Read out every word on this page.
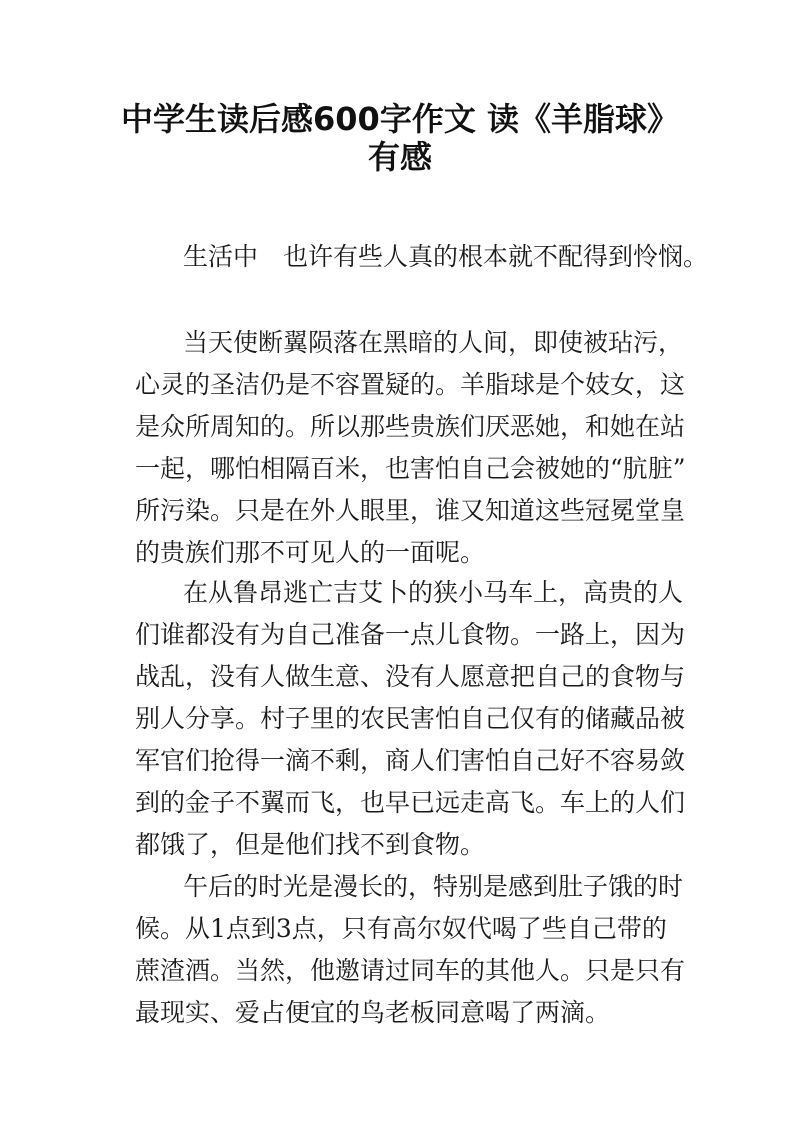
中学生读后感600字作文 读《羊脂球》
有感
生活中　也许有些人真的根本就不配得到怜悯。
当天使断翼陨落在黑暗的人间，即使被玷污，
心灵的圣洁仍是不容置疑的。羊脂球是个妓女，这
是众所周知的。所以那些贵族们厌恶她，和她在站
一起，哪怕相隔百米，也害怕自己会被她的“肮脏”
所污染。只是在外人眼里，谁又知道这些冠冕堂皇
的贵族们那不可见人的一面呢。
在从鲁昂逃亡吉艾卜的狭小马车上，高贵的人
们谁都没有为自己准备一点儿食物。一路上，因为
战乱，没有人做生意、没有人愿意把自己的食物与
别人分享。村子里的农民害怕自己仅有的储藏品被
军官们抢得一滴不剩，商人们害怕自己好不容易敛
到的金子不翼而飞，也早已远走高飞。车上的人们
都饿了，但是他们找不到食物。
午后的时光是漫长的，特别是感到肚子饿的时
候。从1点到3点，只有高尔奴代喝了些自己带的
蔗渣酒。当然，他邀请过同车的其他人。只是只有
最现实、爱占便宜的鸟老板同意喝了两滴。
